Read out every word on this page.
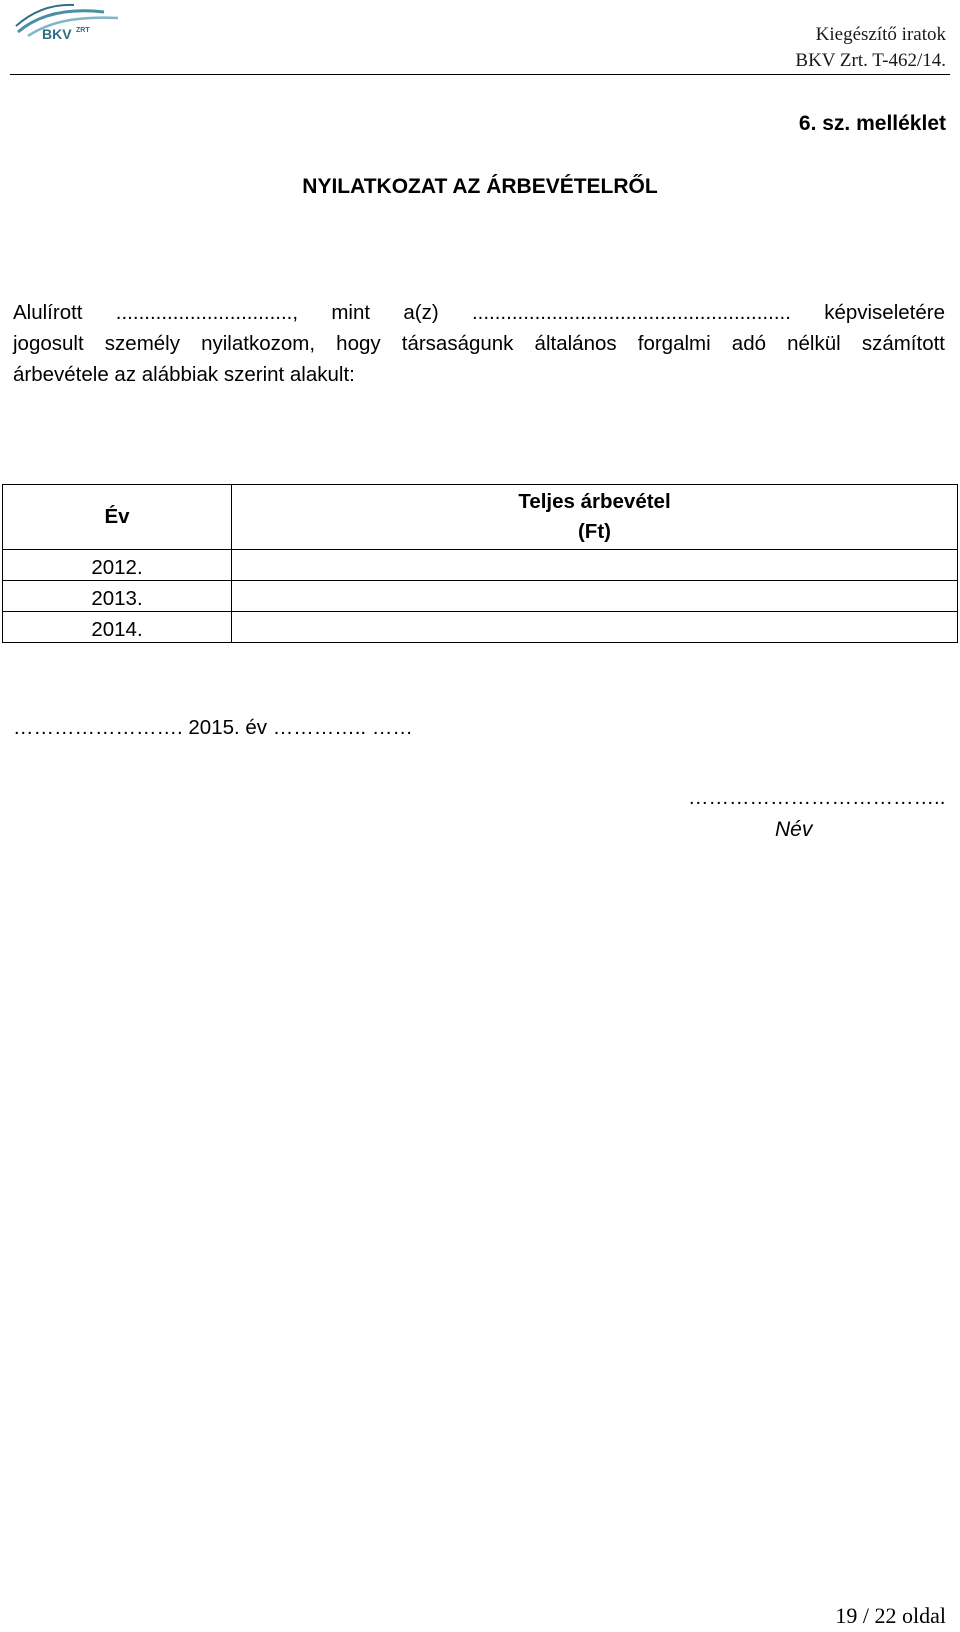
BKV ZRT	Kiegészítő iratok
BKV Zrt. T-462/14.
6. sz. melléklet
NYILATKOZAT AZ ÁRBEVÉTELRŐL
Alulírott ..............................., mint a(z) ........................................................ képviseletére
jogosult személy nyilatkozom, hogy társaságunk általános forgalmi adó nélkül számított
árbevétele az alábbiak szerint alakult:
Év	Teljes árbevétel
(Ft)

2012.	
2013.	
2014.	
……………………. 2015. év ………….. ……
………………………………..
Név
19 / 22 oldal
